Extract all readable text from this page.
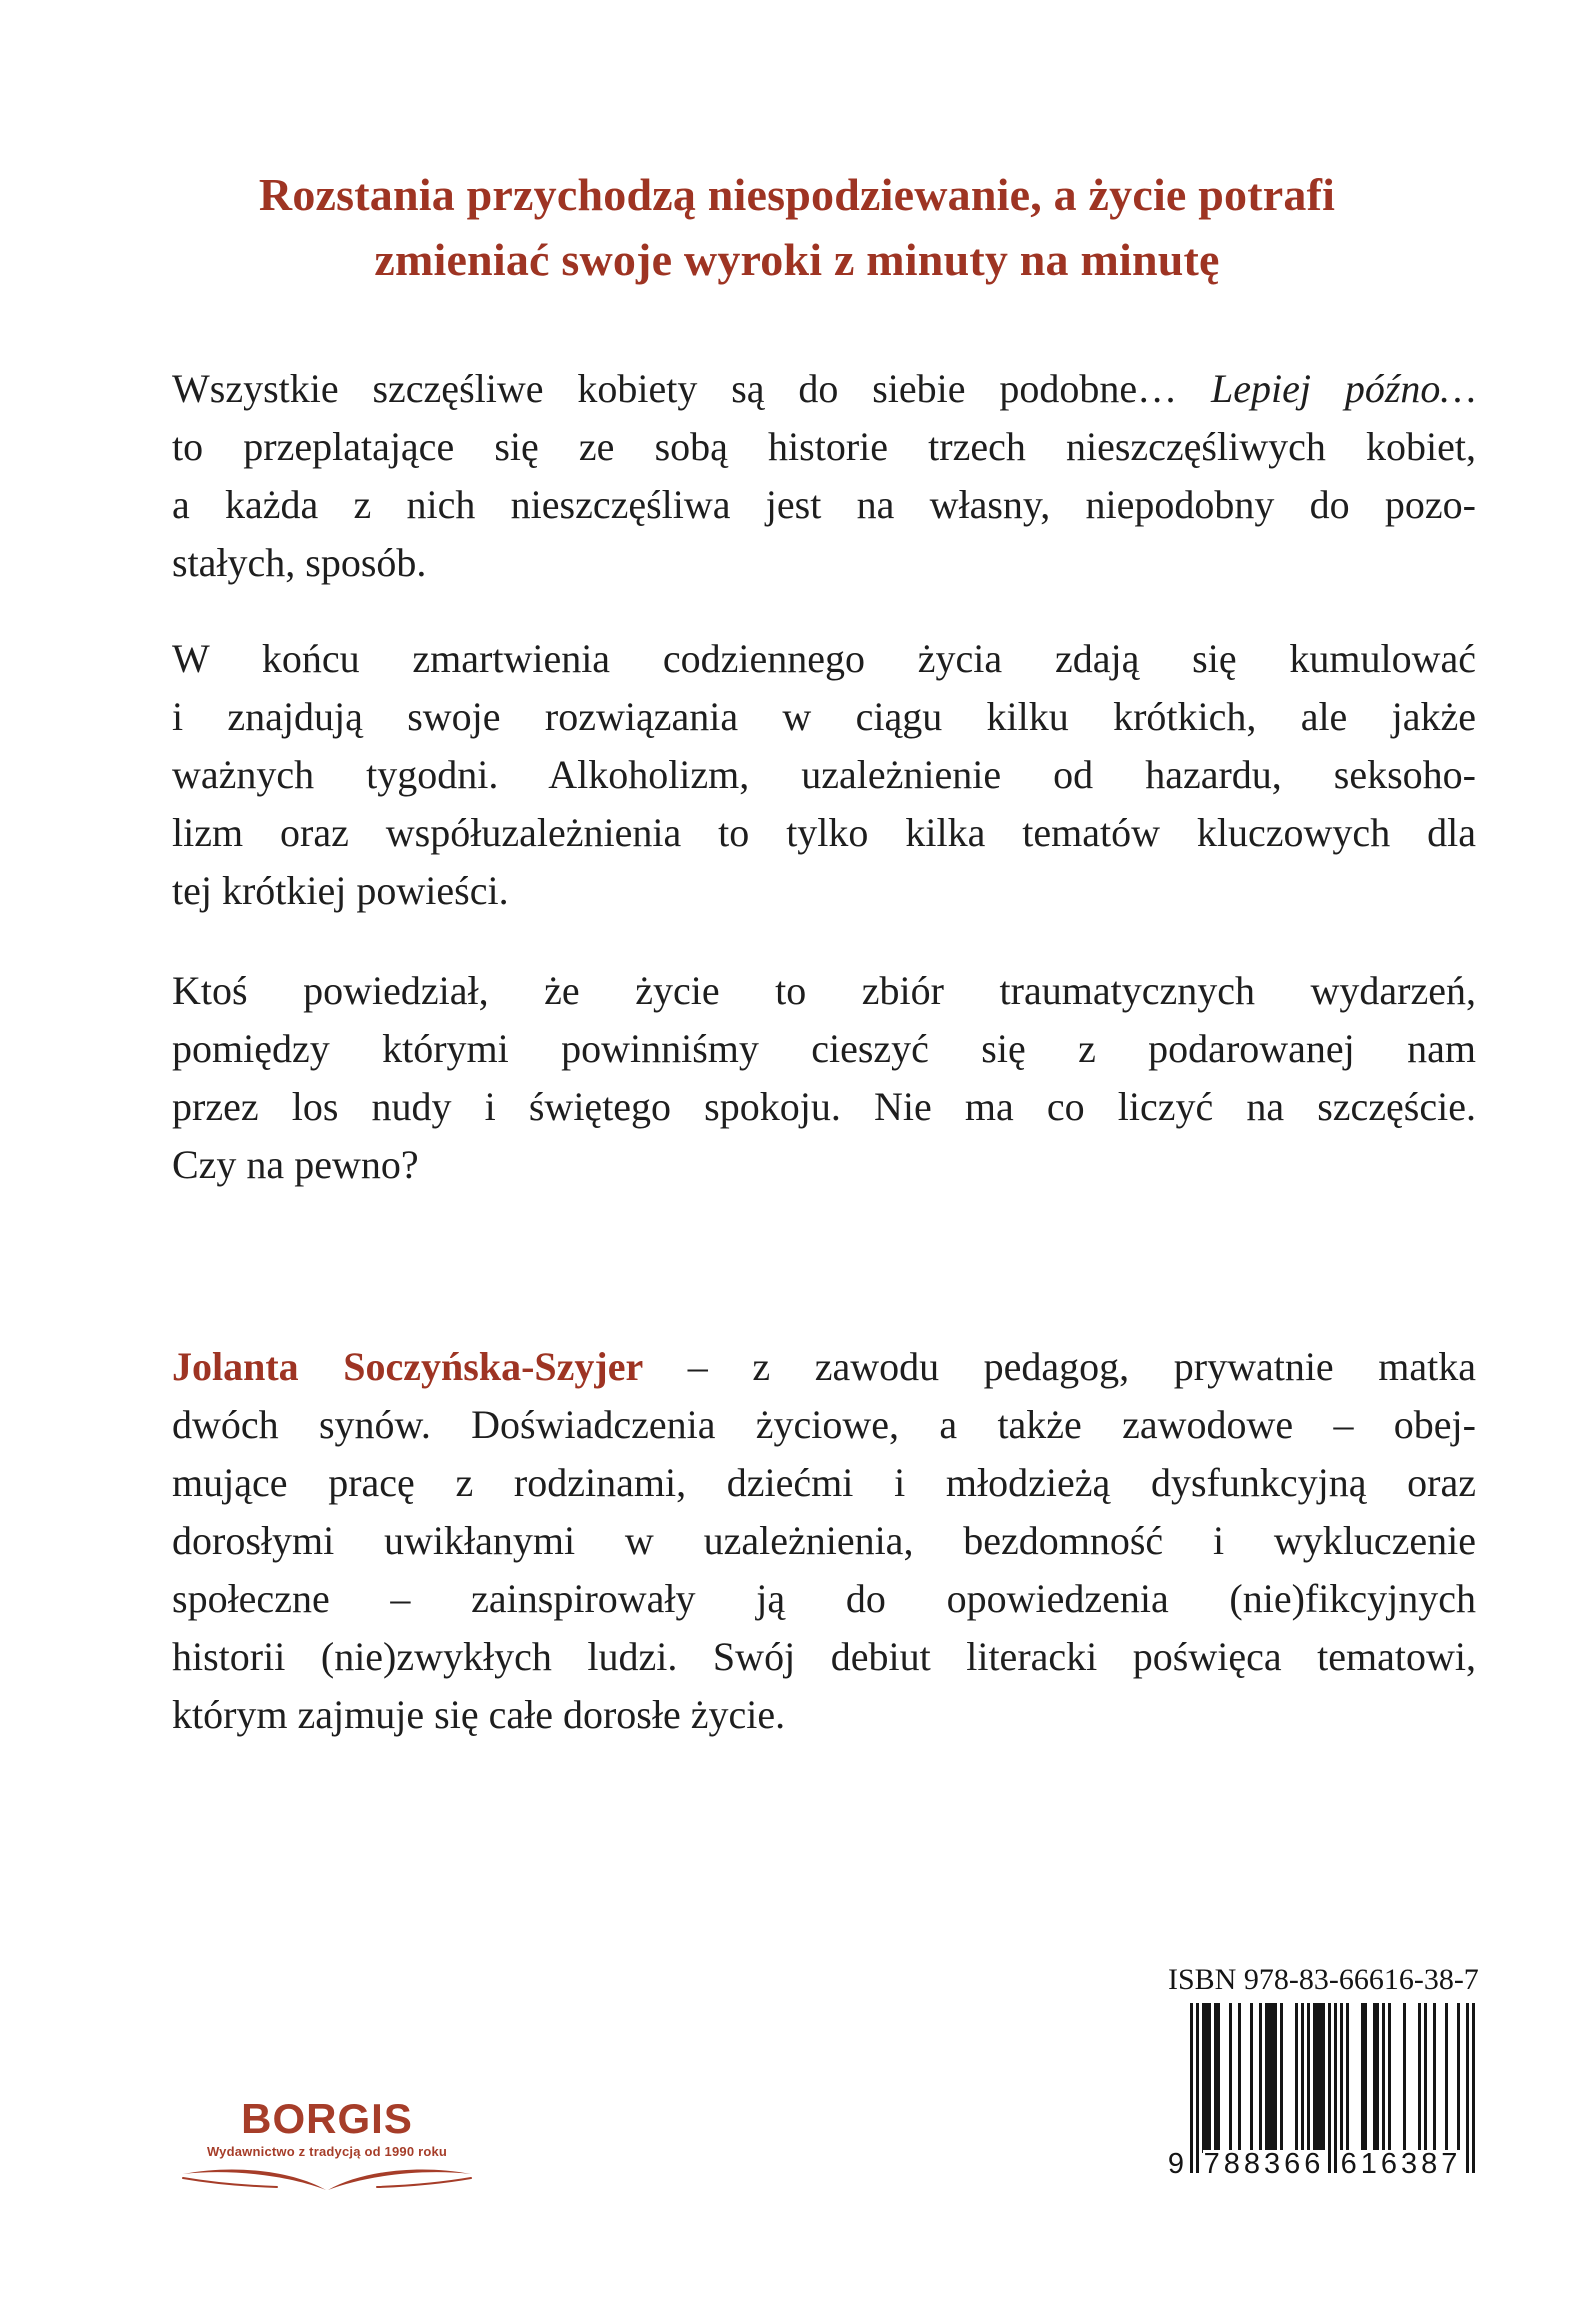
Rozstania przychodzą niespodziewanie, a życie potrafi
zmieniać swoje wyroki z minuty na minutę
Wszystkie szczęśliwe kobiety są do siebie podobne… Lepiej późno…
to przeplatające się ze sobą historie trzech nieszczęśliwych kobiet,
a każda z nich nieszczęśliwa jest na własny, niepodobny do pozo-
stałych, sposób.
W końcu zmartwienia codziennego życia zdają się kumulować
i znajdują swoje rozwiązania w ciągu kilku krótkich, ale jakże
ważnych tygodni. Alkoholizm, uzależnienie od hazardu, seksoho-
lizm oraz współuzależnienia to tylko kilka tematów kluczowych dla
tej krótkiej powieści.
Ktoś powiedział, że życie to zbiór traumatycznych wydarzeń,
pomiędzy którymi powinniśmy cieszyć się z podarowanej nam
przez los nudy i świętego spokoju. Nie ma co liczyć na szczęście.
Czy na pewno?
Jolanta Soczyńska-Szyjer – z zawodu pedagog, prywatnie matka
dwóch synów. Doświadczenia życiowe, a także zawodowe – obej-
mujące pracę z rodzinami, dziećmi i młodzieżą dysfunkcyjną oraz
dorosłymi uwikłanymi w uzależnienia, bezdomność i wykluczenie
społeczne – zainspirowały ją do opowiedzenia (nie)fikcyjnych
historii (nie)zwykłych ludzi. Swój debiut literacki poświęca tematowi,
którym zajmuje się całe dorosłe życie.
ISBN 978-83-66616-38-7
9 788366 616387
BORGIS
Wydawnictwo z tradycją od 1990 roku
